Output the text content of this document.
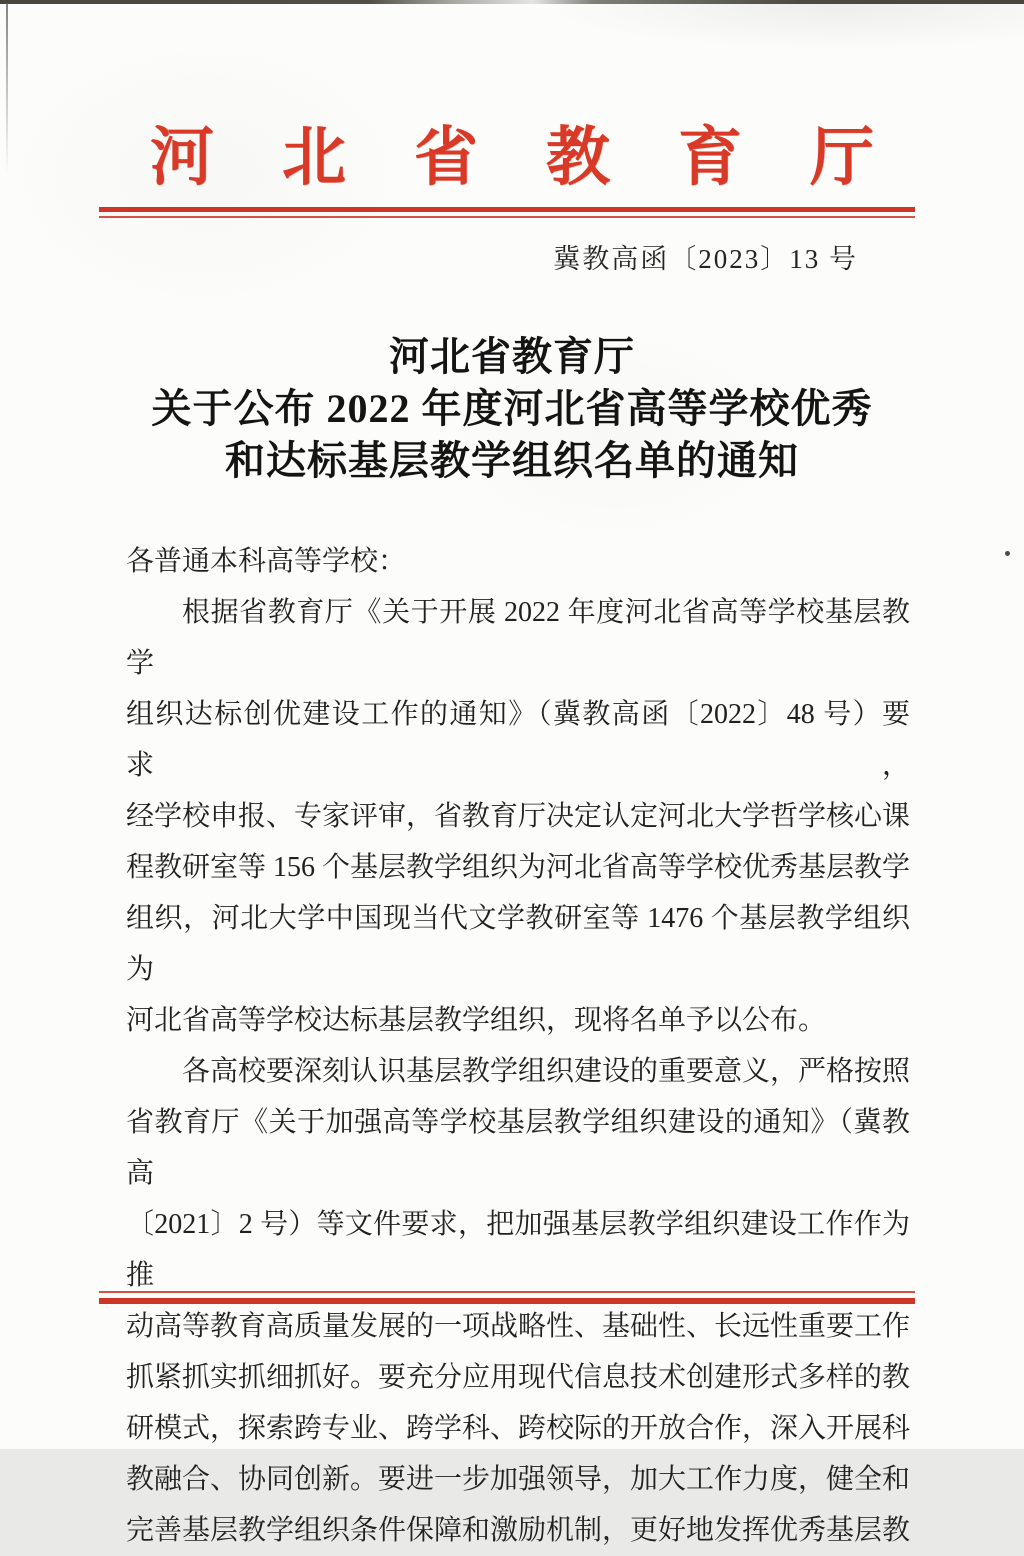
河北省教育厅
冀教高函〔2023〕13 号
河北省教育厅
关于公布 2022 年度河北省高等学校优秀
和达标基层教学组织名单的通知
各普通本科高等学校：
根据省教育厅《关于开展 2022 年度河北省高等学校基层教学
组织达标创优建设工作的通知》（冀教高函〔2022〕48 号）要求，
经学校申报、专家评审，省教育厅决定认定河北大学哲学核心课
程教研室等 156 个基层教学组织为河北省高等学校优秀基层教学
组织，河北大学中国现当代文学教研室等 1476 个基层教学组织为
河北省高等学校达标基层教学组织，现将名单予以公布。
各高校要深刻认识基层教学组织建设的重要意义，严格按照
省教育厅《关于加强高等学校基层教学组织建设的通知》（冀教高
〔2021〕2 号）等文件要求，把加强基层教学组织建设工作作为推
动高等教育高质量发展的一项战略性、基础性、长远性重要工作
抓紧抓实抓细抓好。要充分应用现代信息技术创建形式多样的教
研模式，探索跨专业、跨学科、跨校际的开放合作，深入开展科
教融合、协同创新。要进一步加强领导，加大工作力度，健全和
完善基层教学组织条件保障和激励机制，更好地发挥优秀基层教
